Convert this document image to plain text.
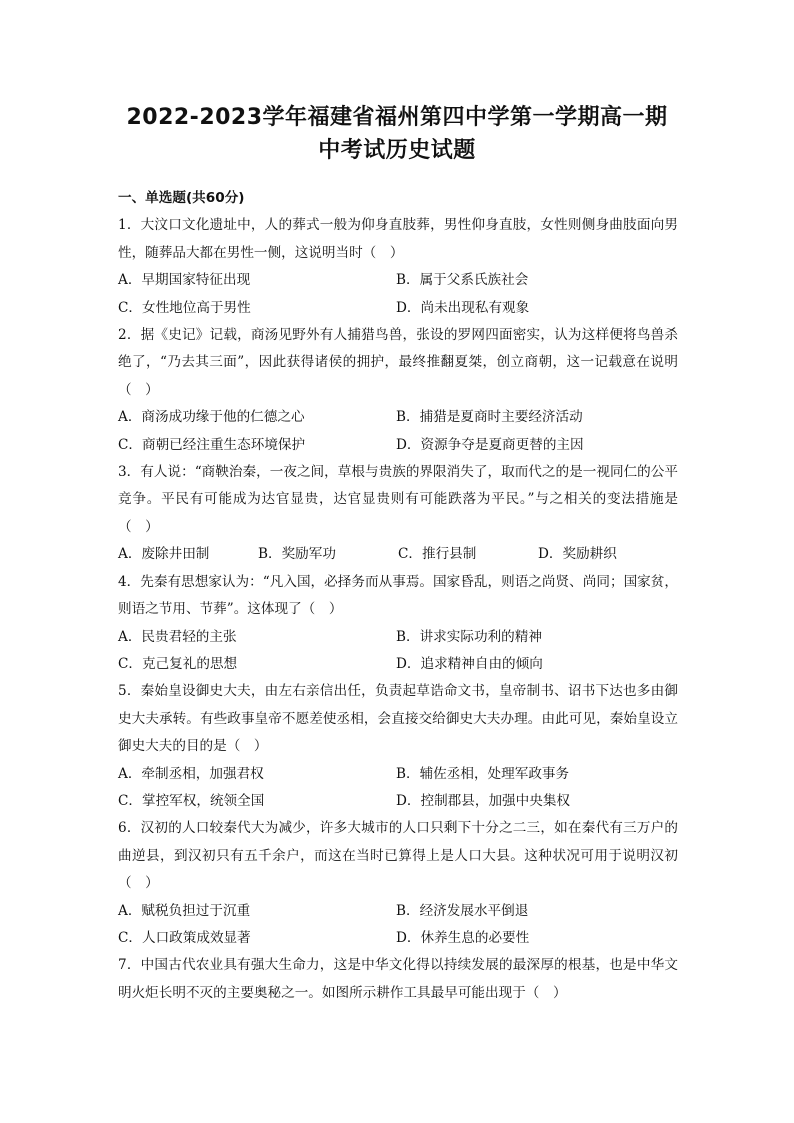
2022-2023学年福建省福州第四中学第一学期高一期
中考试历史试题
一、单选题(共60分)
1．大汶口文化遗址中，人的葬式一般为仰身直肢葬，男性仰身直肢，女性则侧身曲肢面向男性，随葬品大都在男性一侧，这说明当时（　）
A．早期国家特征出现	B．属于父系氏族社会
C．女性地位高于男性	D．尚未出现私有观象
2．据《史记》记载，商汤见野外有人捕猎鸟兽，张设的罗网四面密实，认为这样便将鸟兽杀绝了，“乃去其三面”，因此获得诸侯的拥护，最终推翻夏桀，创立商朝，这一记载意在说明（　）
A．商汤成功缘于他的仁德之心	B．捕猎是夏商时主要经济活动
C．商朝已经注重生态环境保护	D．资源争夺是夏商更替的主因
3．有人说：“商鞅治秦，一夜之间，草根与贵族的界限消失了，取而代之的是一视同仁的公平竞争。平民有可能成为达官显贵，达官显贵则有可能跌落为平民。”与之相关的变法措施是（　）
A．废除井田制	B．奖励军功	C．推行县制	D．奖励耕织
4．先秦有思想家认为：“凡入国，必择务而从事焉。国家昏乱，则语之尚贤、尚同；国家贫，则语之节用、节葬”。这体现了（　）
A．民贵君轻的主张	B．讲求实际功利的精神
C．克己复礼的思想	D．追求精神自由的倾向
5．秦始皇设御史大夫，由左右亲信出任，负责起草诰命文书，皇帝制书、诏书下达也多由御史大夫承转。有些政事皇帝不愿差使丞相，会直接交给御史大夫办理。由此可见，秦始皇设立御史大夫的目的是（　）
A．牵制丞相，加强君权	B．辅佐丞相，处理军政事务
C．掌控军权，统领全国	D．控制郡县，加强中央集权
6．汉初的人口较秦代大为减少，许多大城市的人口只剩下十分之二三，如在秦代有三万户的曲逆县，到汉初只有五千余户，而这在当时已算得上是人口大县。这种状况可用于说明汉初（　）
A．赋税负担过于沉重	B．经济发展水平倒退
C．人口政策成效显著	D．休养生息的必要性
7．中国古代农业具有强大生命力，这是中华文化得以持续发展的最深厚的根基，也是中华文明火炬长明不灭的主要奥秘之一。如图所示耕作工具最早可能出现于（　）
